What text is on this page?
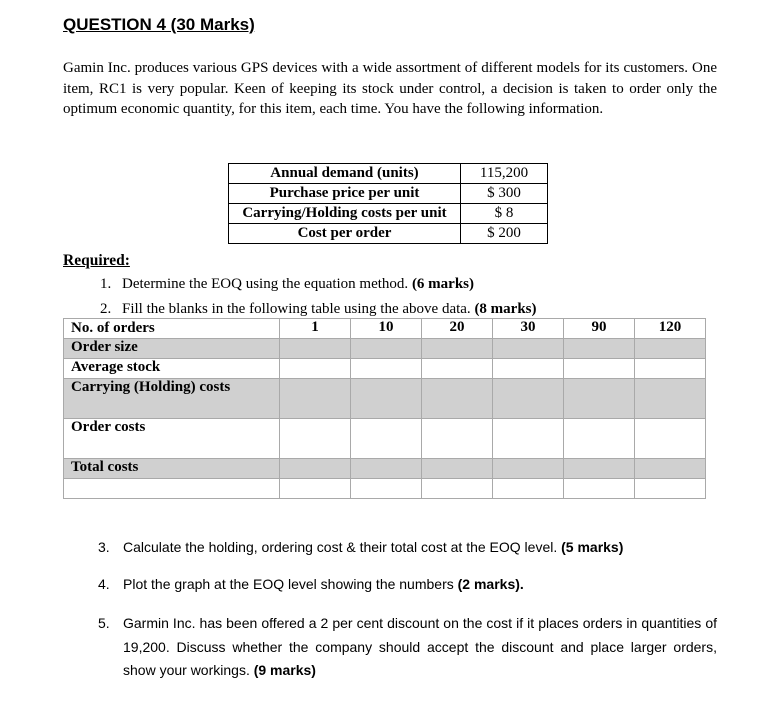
QUESTION 4 (30 Marks)
Gamin Inc. produces various GPS devices with a wide assortment of different models for its customers. One item, RC1 is very popular. Keen of keeping its stock under control, a decision is taken to order only the optimum economic quantity, for this item, each time. You have the following information.
Annual demand (units)	115,200
Purchase price per unit	$ 300
Carrying/Holding costs per unit	$ 8
Cost per order	$ 200
Required:
1. Determine the EOQ using the equation method. (6 marks)
2. Fill the blanks in the following table using the above data. (8 marks)
No. of orders	1	10	20	30	90	120
Order size						
Average stock						
Carrying (Holding) costs						
Order costs						
Total costs						

3. Calculate the holding, ordering cost & their total cost at the EOQ level. (5 marks)
4. Plot the graph at the EOQ level showing the numbers (2 marks).
5. Garmin Inc. has been offered a 2 per cent discount on the cost if it places orders in quantities of 19,200. Discuss whether the company should accept the discount and place larger orders, show your workings. (9 marks)
